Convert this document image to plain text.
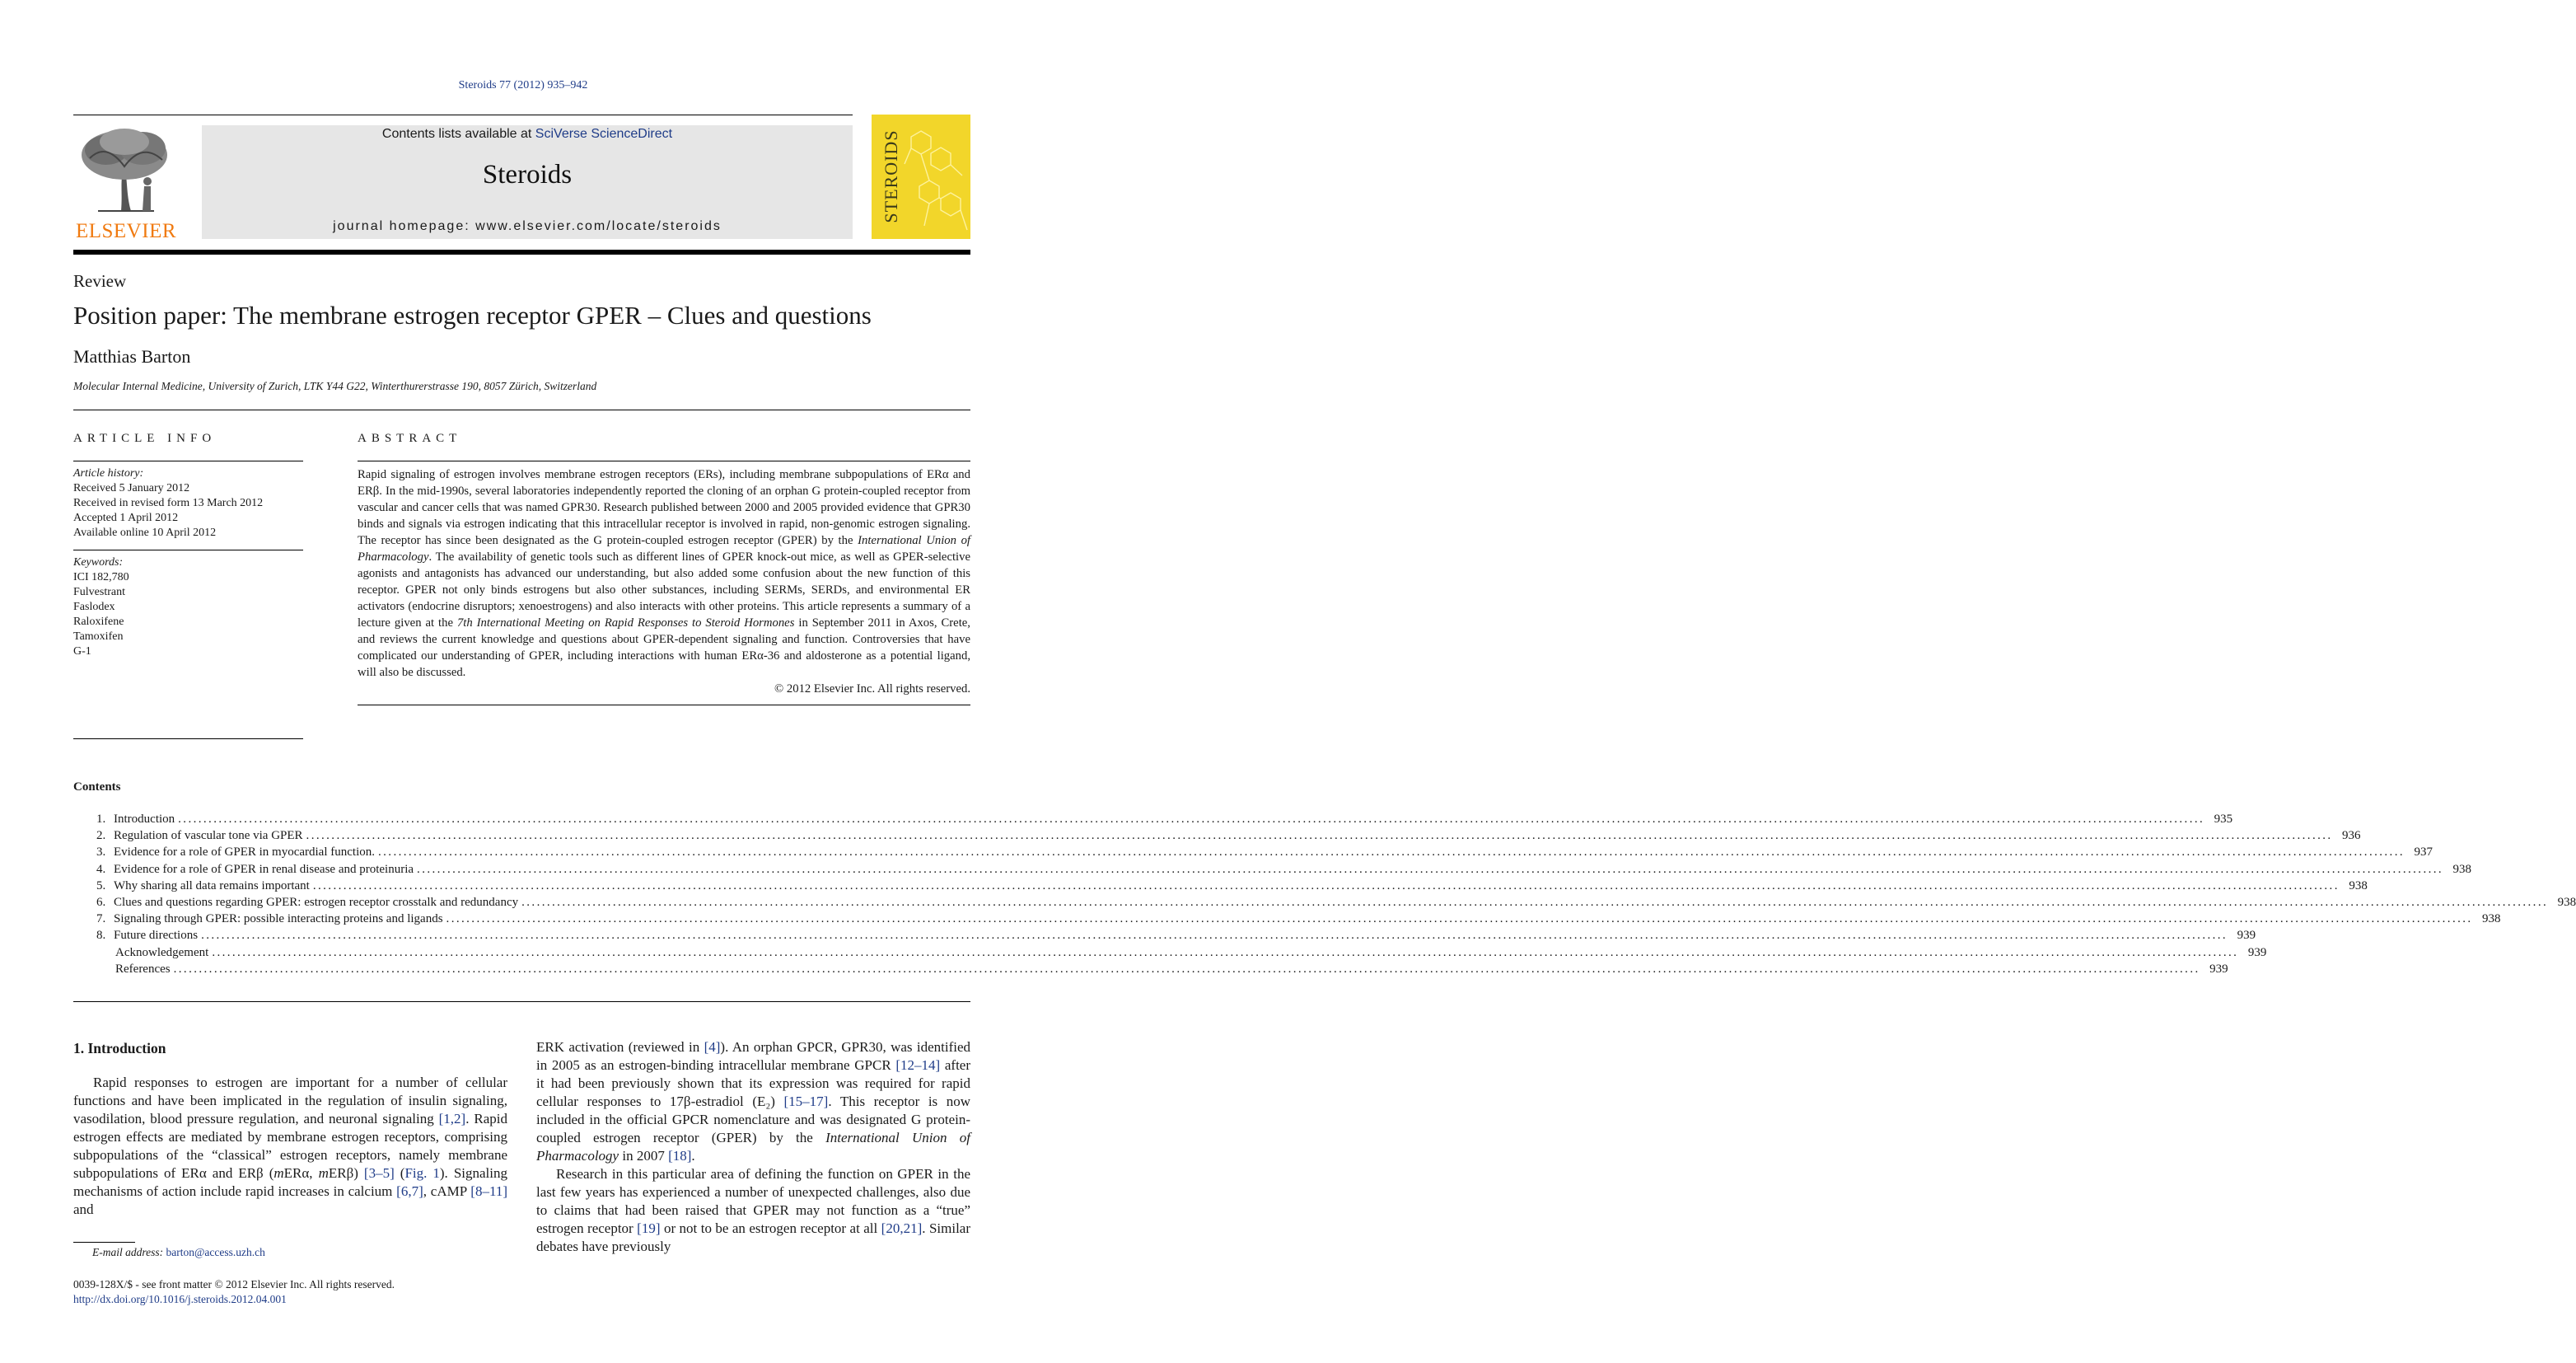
Steroids 77 (2012) 935–942
ELSEVIER
Contents lists available at SciVerse ScienceDirect
Steroids
journal homepage: www.elsevier.com/locate/steroids
STEROIDS
Review
Position paper: The membrane estrogen receptor GPER – Clues and questions
Matthias Barton
Molecular Internal Medicine, University of Zurich, LTK Y44 G22, Winterthurerstrasse 190, 8057 Zürich, Switzerland
ARTICLE INFO
Article history:
Received 5 January 2012
Received in revised form 13 March 2012
Accepted 1 April 2012
Available online 10 April 2012
Keywords:
ICI 182,780
Fulvestrant
Faslodex
Raloxifene
Tamoxifen
G-1
ABSTRACT
Rapid signaling of estrogen involves membrane estrogen receptors (ERs), including membrane subpopulations of ERα and ERβ. In the mid-1990s, several laboratories independently reported the cloning of an orphan G protein-coupled receptor from vascular and cancer cells that was named GPR30. Research published between 2000 and 2005 provided evidence that GPR30 binds and signals via estrogen indicating that this intracellular receptor is involved in rapid, non-genomic estrogen signaling. The receptor has since been designated as the G protein-coupled estrogen receptor (GPER) by the International Union of Pharmacology. The availability of genetic tools such as different lines of GPER knock-out mice, as well as GPER-selective agonists and antagonists has advanced our understanding, but also added some confusion about the new function of this receptor. GPER not only binds estrogens but also other substances, including SERMs, SERDs, and environmental ER activators (endocrine disruptors; xenoestrogens) and also interacts with other proteins. This article represents a summary of a lecture given at the 7th International Meeting on Rapid Responses to Steroid Hormones in September 2011 in Axos, Crete, and reviews the current knowledge and questions about GPER-dependent signaling and function. Controversies that have complicated our understanding of GPER, including interactions with human ERα-36 and aldosterone as a potential ligand, will also be discussed.
© 2012 Elsevier Inc. All rights reserved.
Contents
1. Introduction ................................................................................................................................................................................................................................................................................................................................................................................................................ 935
2. Regulation of vascular tone via GPER ................................................................................................................................................................................................................................................................................................................................................................................................................ 936
3. Evidence for a role of GPER in myocardial function. ................................................................................................................................................................................................................................................................................................................................................................................................................ 937
4. Evidence for a role of GPER in renal disease and proteinuria ................................................................................................................................................................................................................................................................................................................................................................................................................ 938
5. Why sharing all data remains important ................................................................................................................................................................................................................................................................................................................................................................................................................ 938
6. Clues and questions regarding GPER: estrogen receptor crosstalk and redundancy ................................................................................................................................................................................................................................................................................................................................................................................................................ 938
7. Signaling through GPER: possible interacting proteins and ligands ................................................................................................................................................................................................................................................................................................................................................................................................................ 938
8. Future directions ................................................................................................................................................................................................................................................................................................................................................................................................................ 939
Acknowledgement ................................................................................................................................................................................................................................................................................................................................................................................................................ 939
References ................................................................................................................................................................................................................................................................................................................................................................................................................ 939
1. Introduction
Rapid responses to estrogen are important for a number of cellular functions and have been implicated in the regulation of insulin signaling, vasodilation, blood pressure regulation, and neuronal signaling [1,2]. Rapid estrogen effects are mediated by membrane estrogen receptors, comprising subpopulations of the “classical” estrogen receptors, namely membrane subpopulations of ERα and ERβ (mERα, mERβ) [3–5] (Fig. 1). Signaling mechanisms of action include rapid increases in calcium [6,7], cAMP [8–11] and

ERK activation (reviewed in [4]). An orphan GPCR, GPR30, was identified in 2005 as an estrogen-binding intracellular membrane GPCR [12–14] after it had been previously shown that its expression was required for rapid cellular responses to 17β-estradiol (E₂) [15–17]. This receptor is now included in the official GPCR nomenclature and was designated G protein-coupled estrogen receptor (GPER) by the International Union of Pharmacology in 2007 [18].

Research in this particular area of defining the function on GPER in the last few years has experienced a number of unexpected challenges, also due to claims that had been raised that GPER may not function as a “true” estrogen receptor [19] or not to be an estrogen receptor at all [20,21]. Similar debates have previously

E-mail address: barton@access.uzh.ch
0039-128X/$ - see front matter © 2012 Elsevier Inc. All rights reserved.
http://dx.doi.org/10.1016/j.steroids.2012.04.001
